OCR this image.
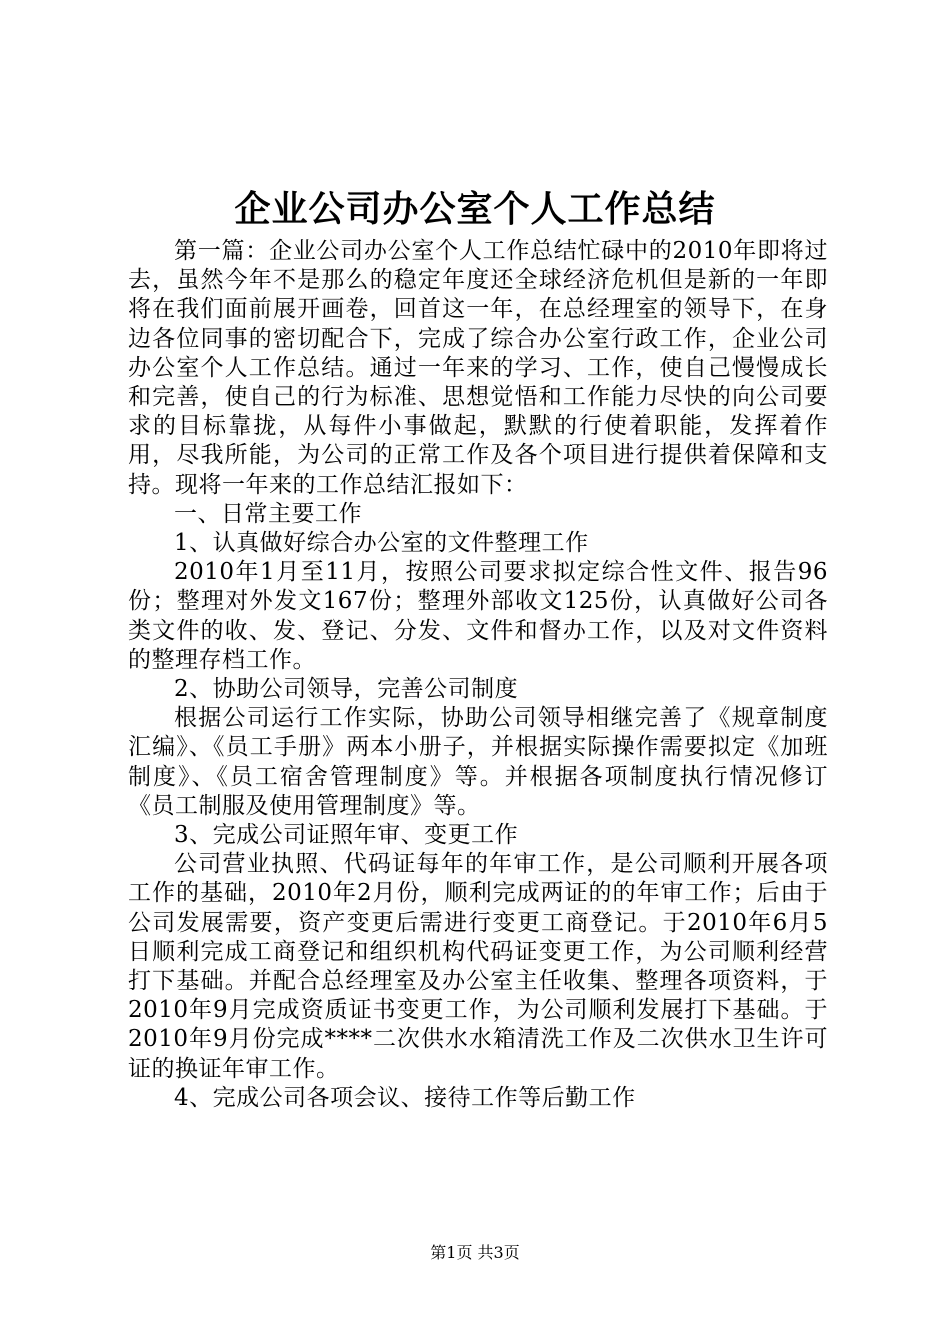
企业公司办公室个人工作总结

第一篇：企业公司办公室个人工作总结忙碌中的2010年即将过去，虽然今年不是那么的稳定年度还全球经济危机但是新的一年即将在我们面前展开画卷，回首这一年，在总经理室的领导下，在身边各位同事的密切配合下，完成了综合办公室行政工作，企业公司办公室个人工作总结。通过一年来的学习、工作，使自己慢慢成长和完善，使自己的行为标准、思想觉悟和工作能力尽快的向公司要求的目标靠拢，从每件小事做起，默默的行使着职能，发挥着作用，尽我所能，为公司的正常工作及各个项目进行提供着保障和支持。现将一年来的工作总结汇报如下：

一、日常主要工作

1、认真做好综合办公室的文件整理工作

2010年1月至11月，按照公司要求拟定综合性文件、报告96份；整理对外发文167份；整理外部收文125份，认真做好公司各类文件的收、发、登记、分发、文件和督办工作，以及对文件资料的整理存档工作。

2、协助公司领导，完善公司制度

根据公司运行工作实际，协助公司领导相继完善了《规章制度汇编》、《员工手册》两本小册子，并根据实际操作需要拟定《加班制度》、《员工宿舍管理制度》等。并根据各项制度执行情况修订《员工制服及使用管理制度》等。

3、完成公司证照年审、变更工作

公司营业执照、代码证每年的年审工作，是公司顺利开展各项工作的基础，2010年2月份，顺利完成两证的的年审工作；后由于公司发展需要，资产变更后需进行变更工商登记。于2010年6月5日顺利完成工商登记和组织机构代码证变更工作，为公司顺利经营打下基础。并配合总经理室及办公室主任收集、整理各项资料，于2010年9月完成资质证书变更工作，为公司顺利发展打下基础。于2010年9月份完成****二次供水水箱清洗工作及二次供水卫生许可证的换证年审工作。

4、完成公司各项会议、接待工作等后勤工作

第1页 共3页
